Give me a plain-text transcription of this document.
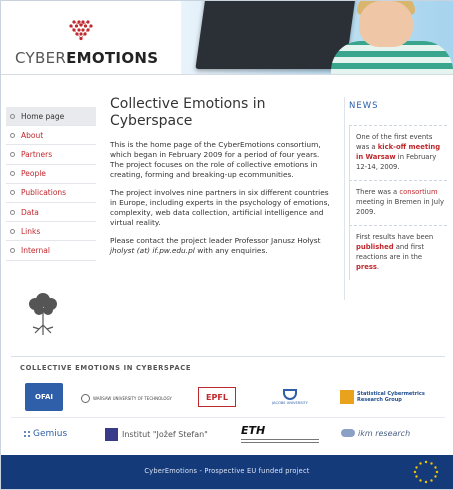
CYBEREMOTIONS
Home page
About
Partners
People
Publications
Data
Links
Internal
Collective Emotions in Cyberspace

This is the home page of the CyberEmotions consortium, which began in February 2009 for a period of four years. The project focuses on the role of collective emotions in creating, forming and breaking-up ecommunities.

The project involves nine partners in six different countries in Europe, including experts in the psychology of emotions, complexity, web data collection, artificial intelligence and virtual reality.

Please contact the project leader Professor Janusz Hołyst jholyst (at) if.pw.edu.pl with any enquiries.

NEWS
One of the first events was a kick-off meeting in Warsaw in February 12-14, 2009.
There was a consortium meeting in Bremen in July 2009.
First results have been published and first reactions are in the press.
COLLECTIVE EMOTIONS IN CYBERSPACE
OFAI	WARSAW UNIVERSITY OF TECHNOLOGY	EPFL
JACOBS UNIVERSITY
Statistical Cybermetrics Research Group
Gemius	Institut "Jožef Stefan"	ETH	ikm research
CyberEmotions - Prospective EU funded project
